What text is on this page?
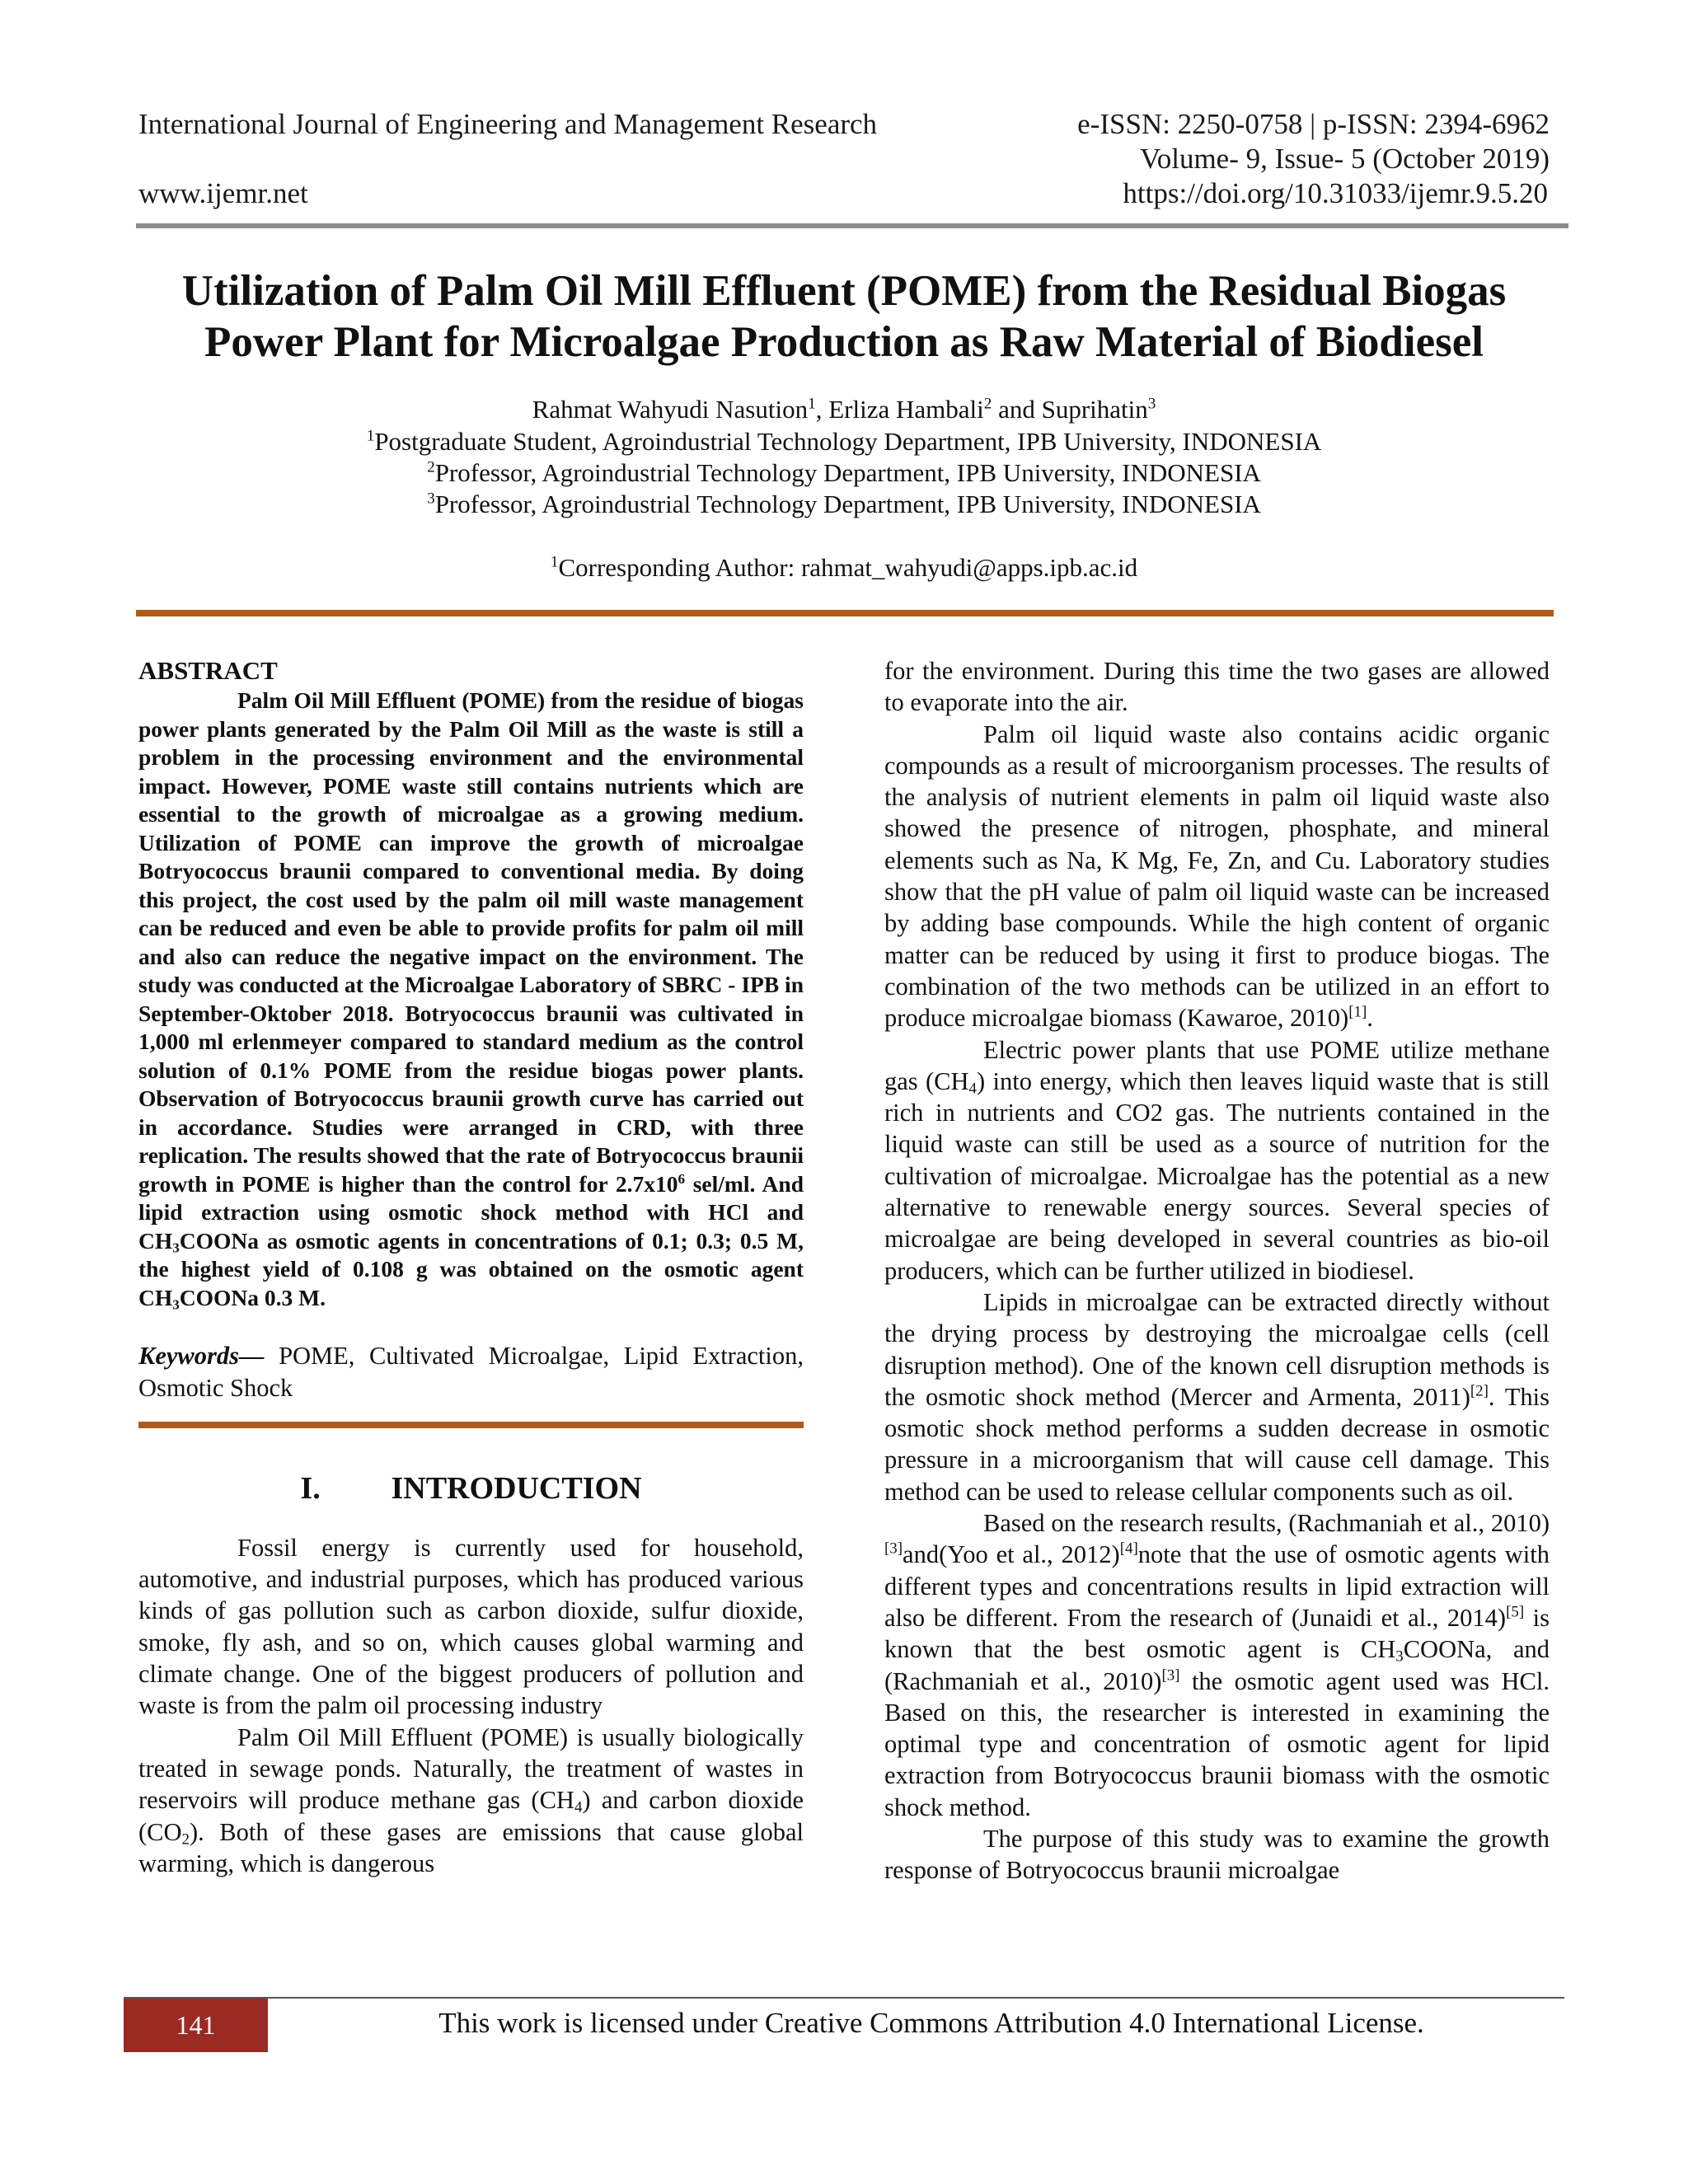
International Journal of Engineering and Management Research	e-ISSN: 2250-0758 | p-ISSN: 2394-6962
Volume- 9, Issue- 5 (October 2019)
www.ijemr.net	https://doi.org/10.31033/ijemr.9.5.20
Utilization of Palm Oil Mill Effluent (POME) from the Residual Biogas
Power Plant for Microalgae Production as Raw Material of Biodiesel
Rahmat Wahyudi Nasution$^1$, Erliza Hambali$^2$ and Suprihatin$^3$
$^1$Postgraduate Student, Agroindustrial Technology Department, IPB University, INDONESIA
$^2$Professor, Agroindustrial Technology Department, IPB University, INDONESIA
$^3$Professor, Agroindustrial Technology Department, IPB University, INDONESIA
$^1$Corresponding Author: rahmat_wahyudi@apps.ipb.ac.id

ABSTRACT

Palm Oil Mill Effluent (POME) from the residue of biogas power plants generated by the Palm Oil Mill as the waste is still a problem in the processing environment and the environmental impact. However, POME waste still contains nutrients which are essential to the growth of microalgae as a growing medium. Utilization of POME can improve the growth of microalgae Botryococcus braunii compared to conventional media. By doing this project, the cost used by the palm oil mill waste management can be reduced and even be able to provide profits for palm oil mill and also can reduce the negative impact on the environment. The study was conducted at the Microalgae Laboratory of SBRC - IPB in September-Oktober 2018. Botryococcus braunii was cultivated in 1,000 ml erlenmeyer compared to standard medium as the control solution of 0.1% POME from the residue biogas power plants. Observation of Botryococcus braunii growth curve has carried out in accordance. Studies were arranged in CRD, with three replication. The results showed that the rate of Botryococcus braunii growth in POME is higher than the control for $2.7x10^6$ sel/ml. And lipid extraction using osmotic shock method with HCl and $CH_3COONa$ as osmotic agents in concentrations of 0.1; 0.3; 0.5 M, the highest yield of 0.108 g was obtained on the osmotic agent $CH_3COONa$ 0.3 M.

Keywords— POME, Cultivated Microalgae, Lipid Extraction, Osmotic Shock

I. INTRODUCTION

Fossil energy is currently used for household, automotive, and industrial purposes, which has produced various kinds of gas pollution such as carbon dioxide, sulfur dioxide, smoke, fly ash, and so on, which causes global warming and climate change. One of the biggest producers of pollution and waste is from the palm oil processing industry

Palm Oil Mill Effluent (POME) is usually biologically treated in sewage ponds. Naturally, the treatment of wastes in reservoirs will produce methane gas $(CH_4)$ and carbon dioxide $(CO_2)$. Both of these gases are emissions that cause global warming, which is dangerous

for the environment. During this time the two gases are allowed to evaporate into the air.

Palm oil liquid waste also contains acidic organic compounds as a result of microorganism processes. The results of the analysis of nutrient elements in palm oil liquid waste also showed the presence of nitrogen, phosphate, and mineral elements such as Na, K Mg, Fe, Zn, and Cu. Laboratory studies show that the pH value of palm oil liquid waste can be increased by adding base compounds. While the high content of organic matter can be reduced by using it first to produce biogas. The combination of the two methods can be utilized in an effort to produce microalgae biomass (Kawaroe, 2010)[1].

Electric power plants that use POME utilize methane gas $(CH_4)$ into energy, which then leaves liquid waste that is still rich in nutrients and CO2 gas. The nutrients contained in the liquid waste can still be used as a source of nutrition for the cultivation of microalgae. Microalgae has the potential as a new alternative to renewable energy sources. Several species of microalgae are being developed in several countries as bio-oil producers, which can be further utilized in biodiesel.

Lipids in microalgae can be extracted directly without the drying process by destroying the microalgae cells (cell disruption method). One of the known cell disruption methods is the osmotic shock method (Mercer and Armenta, 2011)[2]. This osmotic shock method performs a sudden decrease in osmotic pressure in a microorganism that will cause cell damage. This method can be used to release cellular components such as oil.

Based on the research results, (Rachmaniah et al., 2010)[3]and(Yoo et al., 2012)[4]note that the use of osmotic agents with different types and concentrations results in lipid extraction will also be different. From the research of (Junaidi et al., 2014)[5] is known that the best osmotic agent is $CH_3COONa$, and (Rachmaniah et al., 2010)[3] the osmotic agent used was HCl. Based on this, the researcher is interested in examining the optimal type and concentration of osmotic agent for lipid extraction from Botryococcus braunii biomass with the osmotic shock method.

The purpose of this study was to examine the growth response of Botryococcus braunii microalgae

141	This work is licensed under Creative Commons Attribution 4.0 International License.
